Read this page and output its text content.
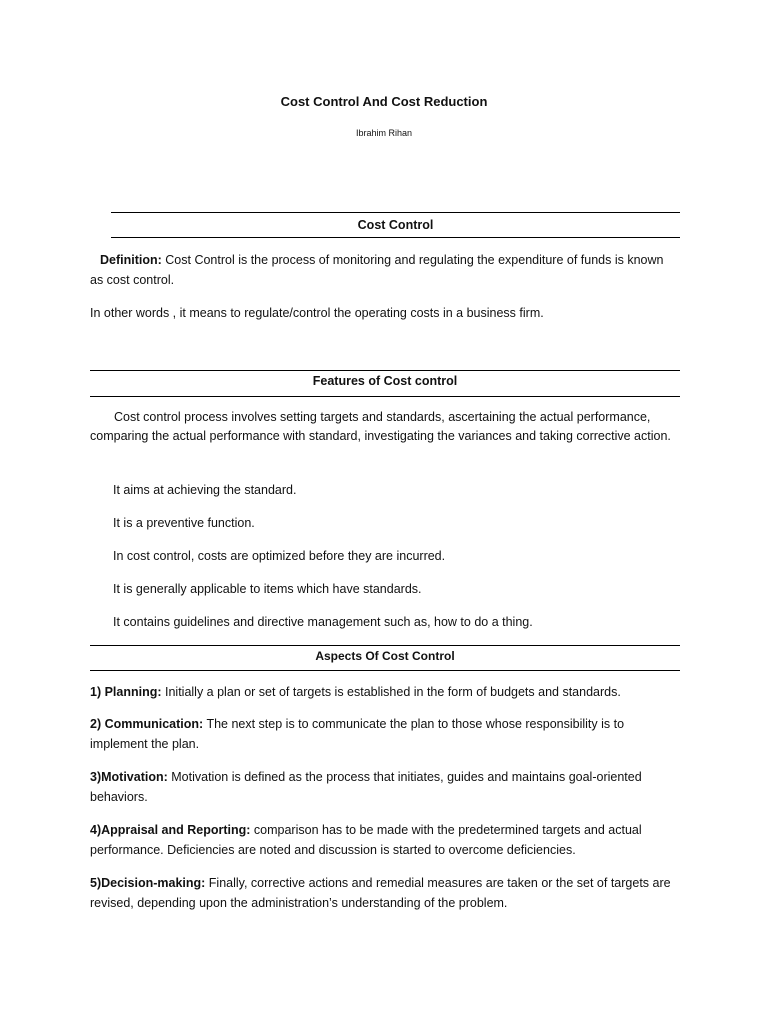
Cost Control And Cost Reduction
Ibrahim Rihan
Cost Control
Definition: Cost Control is the process of monitoring and regulating the expenditure of funds is known as cost control.
In other words , it means to regulate/control the operating costs in a business firm.
Features of Cost control
Cost control process involves setting targets and standards, ascertaining the actual performance, comparing the actual performance with standard, investigating the variances and taking corrective action.
It aims at achieving the standard.
It is a preventive function.
In cost control, costs are optimized before they are incurred.
It is generally applicable to items which have standards.
It contains guidelines and directive management such as, how to do a thing.
Aspects Of Cost Control
1) Planning: Initially a plan or set of targets is established in the form of budgets and standards.
2) Communication: The next step is to communicate the plan to those whose responsibility is to implement the plan.
3)Motivation: Motivation is defined as the process that initiates, guides and maintains goal-oriented behaviors.
4)Appraisal and Reporting: comparison has to be made with the predetermined targets and actual performance. Deficiencies are noted and discussion is started to overcome deficiencies.
5)Decision-making: Finally, corrective actions and remedial measures are taken or the set of targets are revised, depending upon the administration’s understanding of the problem.
